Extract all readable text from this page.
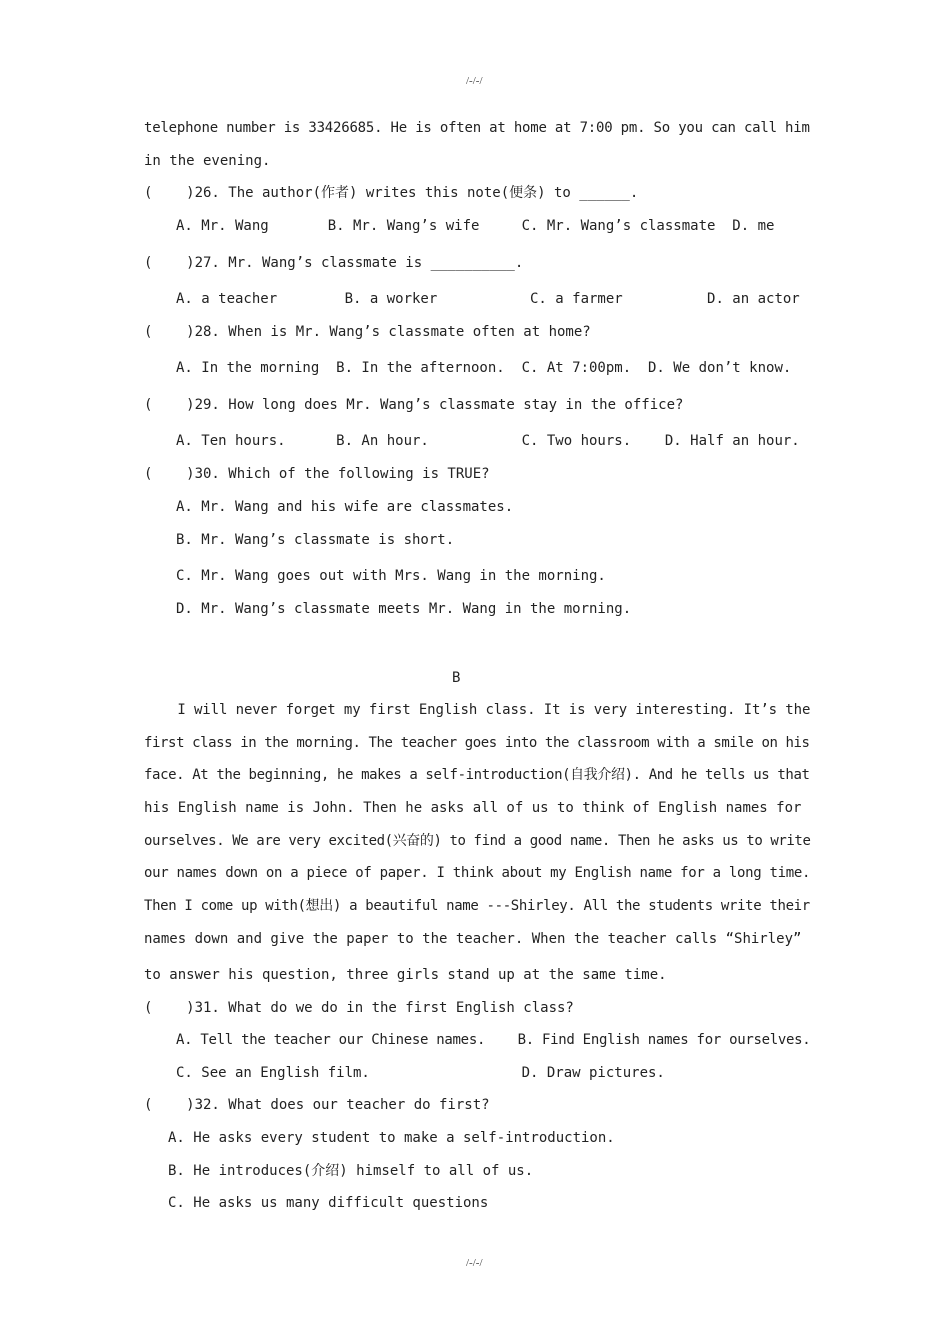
/-/-/
telephone number is 33426685. He is often at home at 7:00 pm. So you can call him
in the evening.
(    )26. The author(作者) writes this note(便条) to ______.
A. Mr. Wang       B. Mr. Wang’s wife     C. Mr. Wang’s classmate  D. me
(    )27. Mr. Wang’s classmate is __________.
A. a teacher        B. a worker           C. a farmer          D. an actor
(    )28. When is Mr. Wang’s classmate often at home?
A. In the morning  B. In the afternoon.  C. At 7:00pm.  D. We don’t know.
(    )29. How long does Mr. Wang’s classmate stay in the office?
A. Ten hours.      B. An hour.           C. Two hours.    D. Half an hour.
(    )30. Which of the following is TRUE?
A. Mr. Wang and his wife are classmates.
B. Mr. Wang’s classmate is short.
C. Mr. Wang goes out with Mrs. Wang in the morning.
D. Mr. Wang’s classmate meets Mr. Wang in the morning.
B
I will never forget my first English class. It is very interesting. It’s the
first class in the morning. The teacher goes into the classroom with a smile on his
face. At the beginning, he makes a self-introduction(自我介绍). And he tells us that
his English name is John. Then he asks all of us to think of English names for
ourselves. We are very excited(兴奋的) to find a good name. Then he asks us to write
our names down on a piece of paper. I think about my English name for a long time.
Then I come up with(想出) a beautiful name ---Shirley. All the students write their
names down and give the paper to the teacher. When the teacher calls “Shirley”
to answer his question, three girls stand up at the same time.
(    )31. What do we do in the first English class?
A. Tell the teacher our Chinese names.    B. Find English names for ourselves.
C. See an English film.                  D. Draw pictures.
(    )32. What does our teacher do first?
A. He asks every student to make a self-introduction.
B. He introduces(介绍) himself to all of us.
C. He asks us many difficult questions
/-/-/
